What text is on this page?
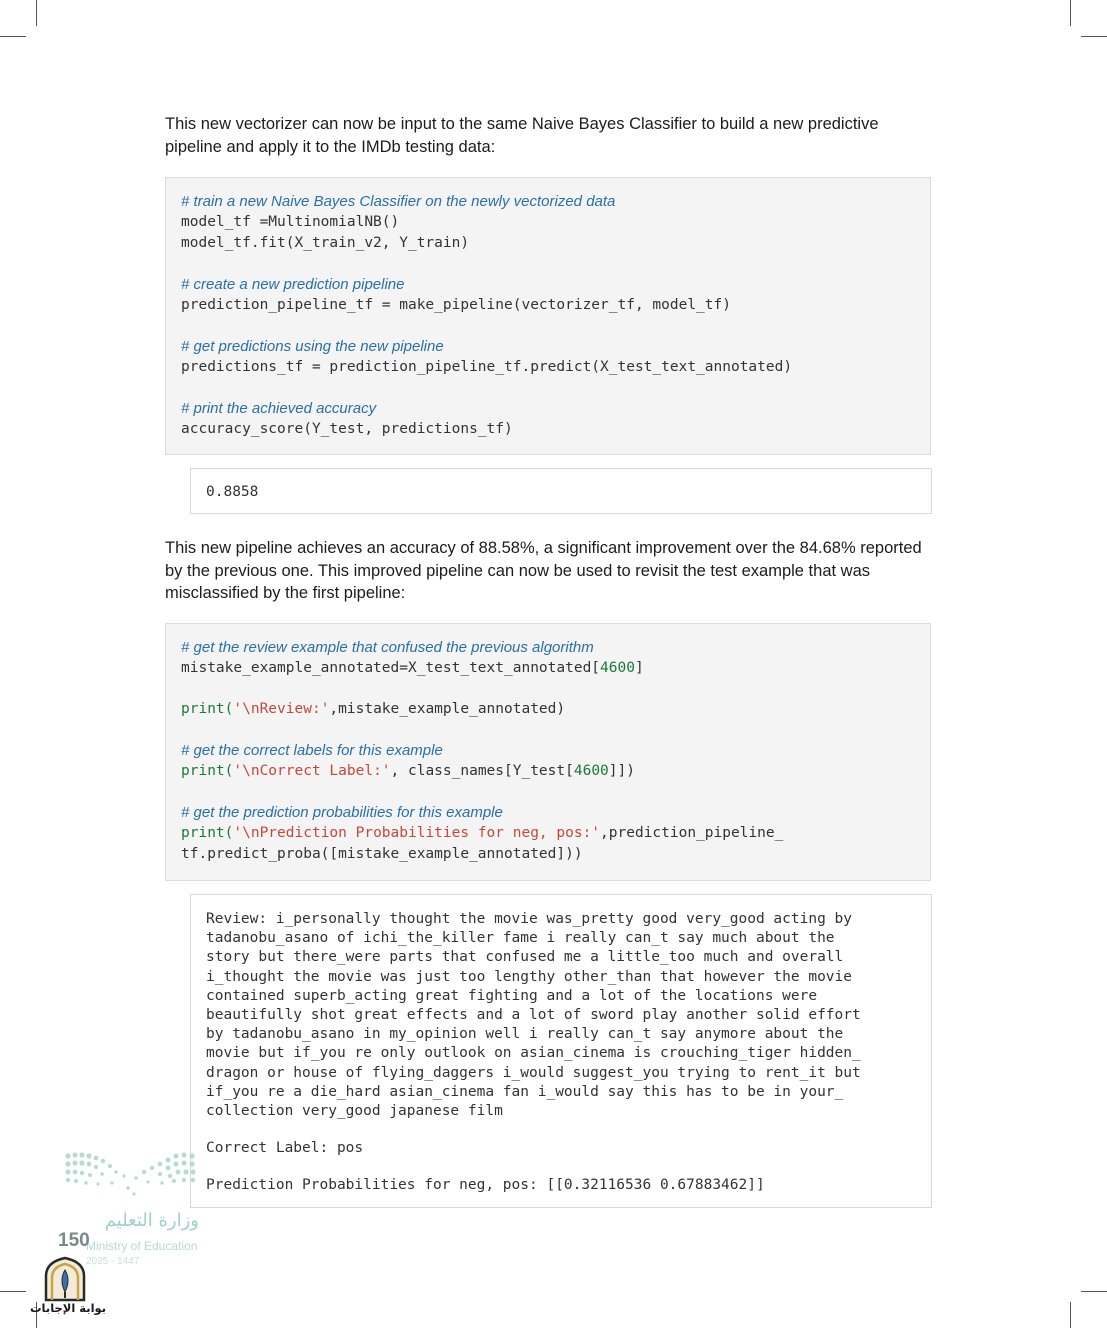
This new vectorizer can now be input to the same Naive Bayes Classifier to build a new predictive pipeline and apply it to the IMDb testing data:

# train a new Naive Bayes Classifier on the newly vectorized data
model_tf =MultinomialNB()
model_tf.fit(X_train_v2, Y_train)
# create a new prediction pipeline
prediction_pipeline_tf = make_pipeline(vectorizer_tf, model_tf)
# get predictions using the new pipeline
predictions_tf = prediction_pipeline_tf.predict(X_test_text_annotated)
# print the achieved accuracy
accuracy_score(Y_test, predictions_tf)
0.8858

This new pipeline achieves an accuracy of 88.58%, a significant improvement over the 84.68% reported by the previous one. This improved pipeline can now be used to revisit the test example that was misclassified by the first pipeline:

# get the review example that confused the previous algorithm
mistake_example_annotated=X_test_text_annotated[4600]
print('\nReview:',mistake_example_annotated)
# get the correct labels for this example
print('\nCorrect Label:', class_names[Y_test[4600]])
# get the prediction probabilities for this example
print('\nPrediction Probabilities for neg, pos:',prediction_pipeline_
tf.predict_proba([mistake_example_annotated]))
Review: i_personally thought the movie was_pretty good very_good acting by
tadanobu_asano of ichi_the_killer fame i really can_t say much about the
story but there_were parts that confused me a little_too much and overall
i_thought the movie was just too lengthy other_than that however the movie
contained superb_acting great fighting and a lot of the locations were
beautifully shot great effects and a lot of sword play another solid effort
by tadanobu_asano in my_opinion well i really can_t say anymore about the
movie but if_you re only outlook on asian_cinema is crouching_tiger hidden_
dragon or house of flying_daggers i_would suggest_you trying to rent_it but
if_you re a die_hard asian_cinema fan i_would say this has to be in your_
collection very_good japanese film
Correct Label: pos
Prediction Probabilities for neg, pos: [[0.32116536 0.67883462]]
وزارة التعليم
Ministry of Education
2025 - 1447
150
بوابة الإجابات
